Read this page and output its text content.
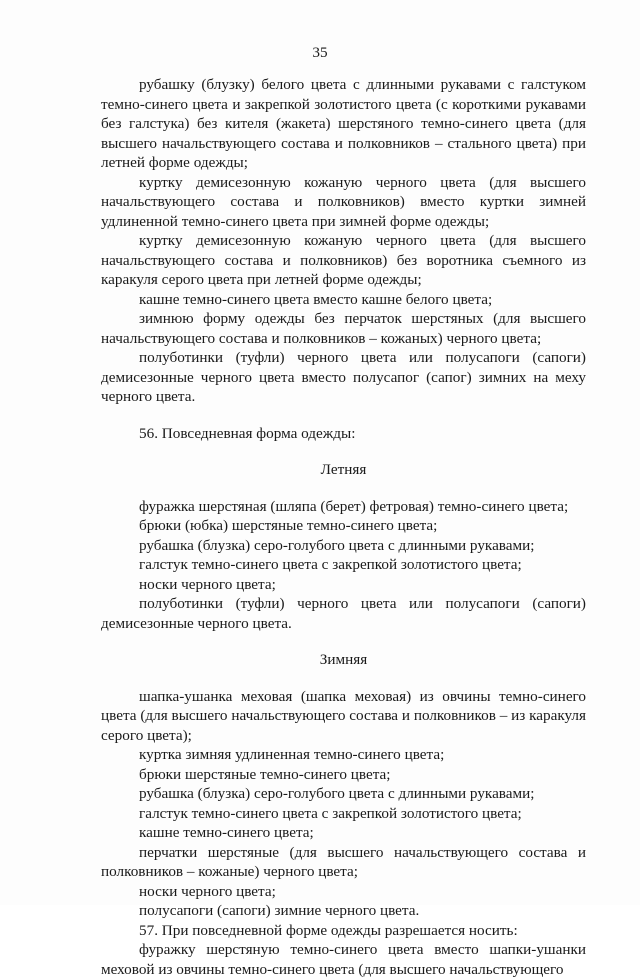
35

рубашку (блузку) белого цвета с длинными рукавами с галстуком темно-синего цвета и закрепкой золотистого цвета (с короткими рукавами без галстука) без кителя (жакета) шерстяного темно-синего цвета (для высшего начальствующего состава и полковников – стального цвета) при летней форме одежды;

куртку демисезонную кожаную черного цвета (для высшего начальствующего состава и полковников) вместо куртки зимней удлиненной темно-синего цвета при зимней форме одежды;

куртку демисезонную кожаную черного цвета (для высшего начальствующего состава и полковников) без воротника съемного из каракуля серого цвета при летней форме одежды;

кашне темно-синего цвета вместо кашне белого цвета;

зимнюю форму одежды без перчаток шерстяных (для высшего начальствующего состава и полковников – кожаных) черного цвета;

полуботинки (туфли) черного цвета или полусапоги (сапоги) демисезонные черного цвета вместо полусапог (сапог) зимних на меху черного цвета.

56. Повседневная форма одежды:

Летняя

фуражка шерстяная (шляпа (берет) фетровая) темно-синего цвета;

брюки (юбка) шерстяные темно-синего цвета;

рубашка (блузка) серо-голубого цвета с длинными рукавами;

галстук темно-синего цвета с закрепкой золотистого цвета;

носки черного цвета;

полуботинки (туфли) черного цвета или полусапоги (сапоги) демисезонные черного цвета.

Зимняя

шапка-ушанка меховая (шапка меховая) из овчины темно-синего цвета (для высшего начальствующего состава и полковников – из каракуля серого цвета);

куртка зимняя удлиненная темно-синего цвета;

брюки шерстяные темно-синего цвета;

рубашка (блузка) серо-голубого цвета с длинными рукавами;

галстук темно-синего цвета с закрепкой золотистого цвета;

кашне темно-синего цвета;

перчатки шерстяные (для высшего начальствующего состава и полковников – кожаные) черного цвета;

носки черного цвета;

полусапоги (сапоги) зимние черного цвета.

57. При повседневной форме одежды разрешается носить:

фуражку шерстяную темно-синего цвета вместо шапки-ушанки меховой из овчины темно-синего цвета (для высшего начальствующего
